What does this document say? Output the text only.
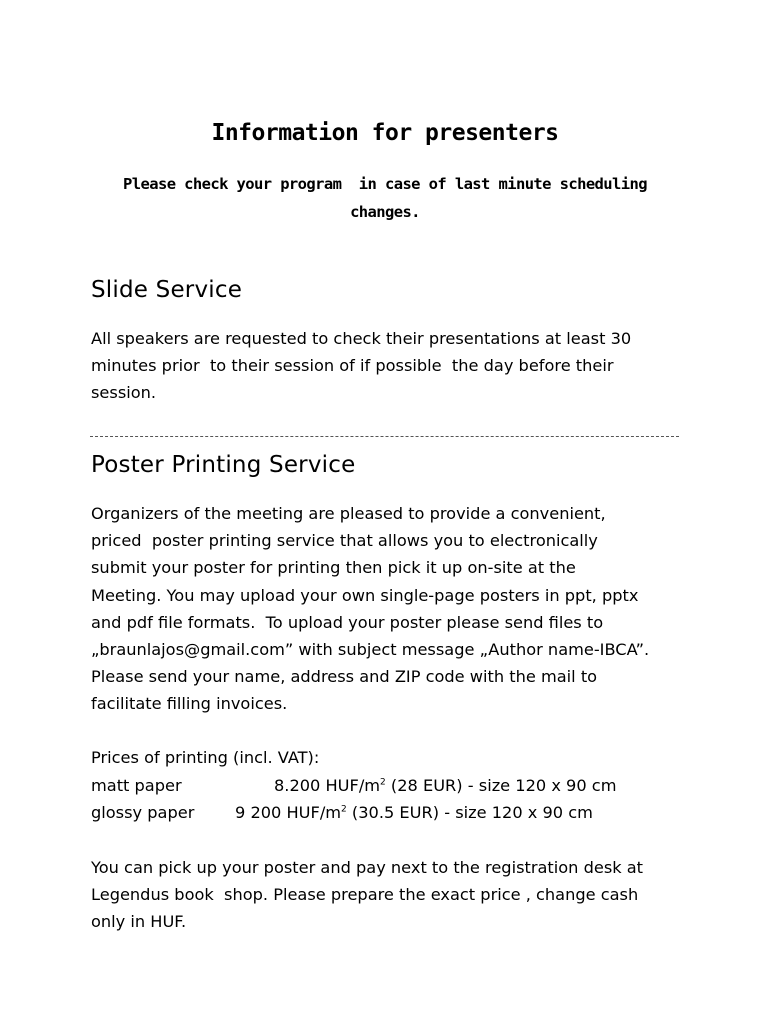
Information for presenters

Please check your program  in case of last minute scheduling
changes.

Slide Service

All speakers are requested to check their presentations at least 30
minutes prior  to their session of if possible  the day before their
session.

Poster Printing Service

Organizers of the meeting are pleased to provide a convenient,
priced  poster printing service that allows you to electronically
submit your poster for printing then pick it up on-site at the
Meeting. You may upload your own single-page posters in ppt, pptx
and pdf file formats.  To upload your poster please send files to
„braunlajos@gmail.com” with subject message „Author name-IBCA”.
Please send your name, address and ZIP code with the mail to
facilitate filling invoices.

Prices of printing (incl. VAT):

matt paper	8.200 HUF/$m^2$ (28 EUR) - size 120 x 90 cm
glossy paper	9 200 HUF/$m^2$ (30.5 EUR) - size 120 x 90 cm

You can pick up your poster and pay next to the registration desk at
Legendus book  shop. Please prepare the exact price , change cash
only in HUF.
